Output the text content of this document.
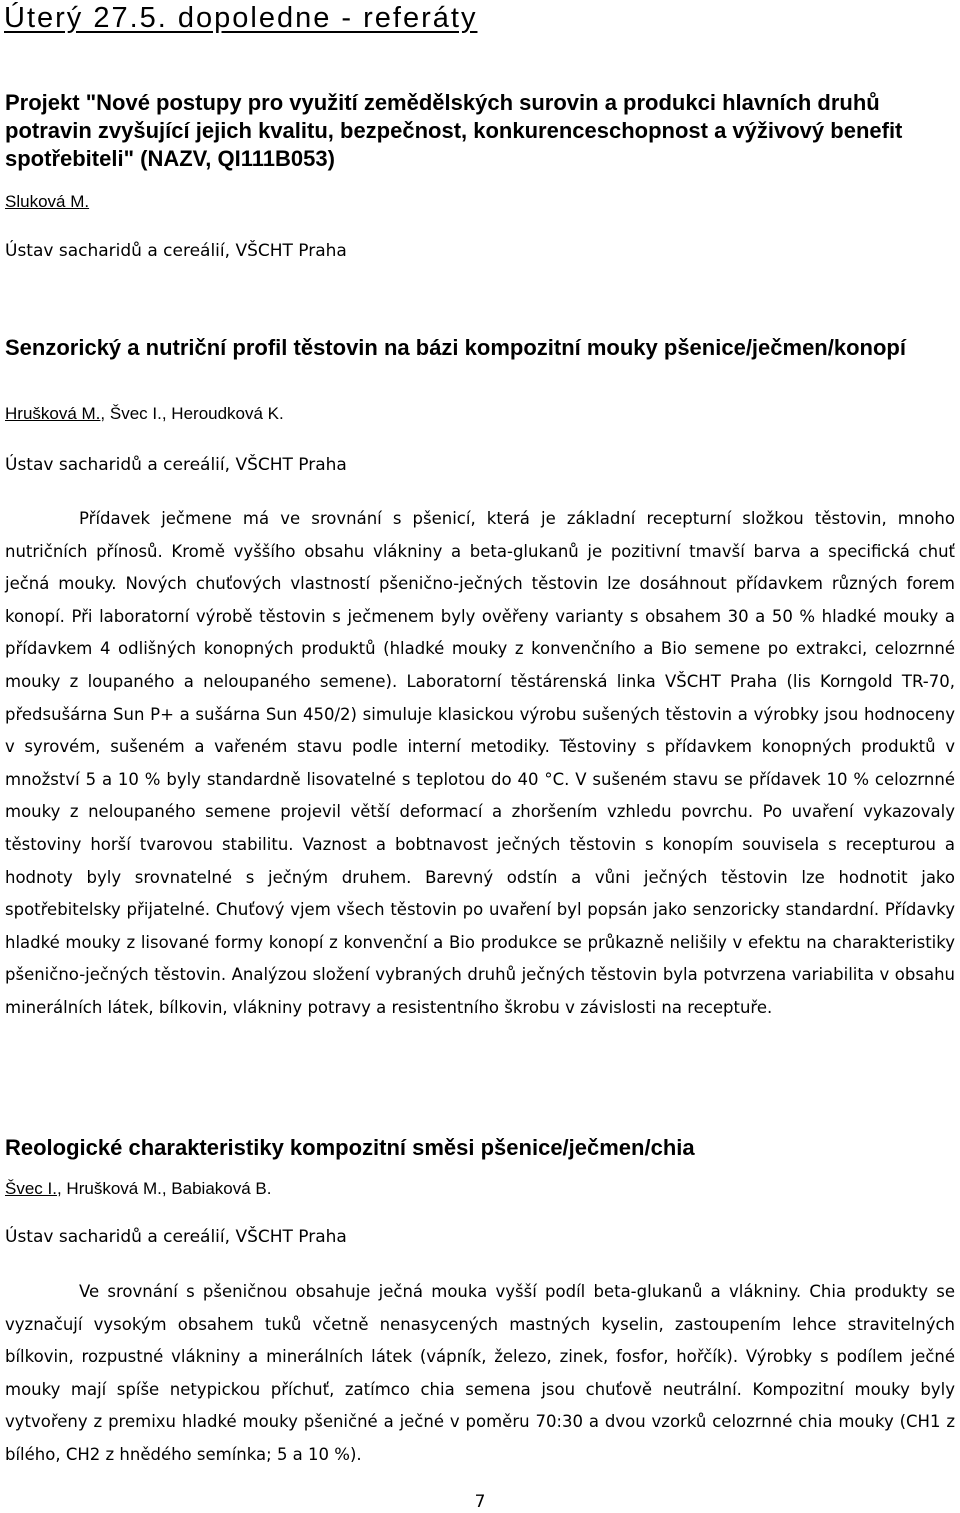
Úterý 27.5. dopoledne - referáty
Projekt "Nové postupy pro využití zemědělských surovin a produkci hlavních druhů potravin zvyšující jejich kvalitu, bezpečnost, konkurenceschopnost a výživový benefit spotřebiteli" (NAZV, QI111B053)
Sluková M.
Ústav sacharidů a cereálií, VŠCHT Praha
Senzorický a nutriční profil těstovin na bázi kompozitní mouky pšenice/ječmen/konopí
Hrušková M., Švec I., Heroudková K.
Ústav sacharidů a cereálií, VŠCHT Praha

Přídavek ječmene má ve srovnání s pšenicí, která je základní recepturní složkou těstovin, mnoho nutričních přínosů. Kromě vyššího obsahu vlákniny a beta-glukanů je pozitivní tmavší barva a specifická chuť ječná mouky. Nových chuťových vlastností pšenično-ječných těstovin lze dosáhnout přídavkem různých forem konopí. Při laboratorní výrobě těstovin s ječmenem byly ověřeny varianty s obsahem 30 a 50 % hladké mouky a přídavkem 4 odlišných konopných produktů (hladké mouky z konvenčního a Bio semene po extrakci, celozrnné mouky z loupaného a neloupaného semene). Laboratorní těstárenská linka VŠCHT Praha (lis Korngold TR-70, předsušárna Sun P+ a sušárna Sun 450/2) simuluje klasickou výrobu sušených těstovin a výrobky jsou hodnoceny v syrovém, sušeném a vařeném stavu podle interní metodiky. Těstoviny s přídavkem konopných produktů v množství 5 a 10 % byly standardně lisovatelné s teplotou do 40 °C. V sušeném stavu se přídavek 10 % celozrnné mouky z neloupaného semene projevil větší deformací a zhoršením vzhledu povrchu. Po uvaření vykazovaly těstoviny horší tvarovou stabilitu. Vaznost a bobtnavost ječných těstovin s konopím souvisela s recepturou a hodnoty byly srovnatelné s ječným druhem. Barevný odstín a vůni ječných těstovin lze hodnotit jako spotřebitelsky přijatelné. Chuťový vjem všech těstovin po uvaření byl popsán jako senzoricky standardní. Přídavky hladké mouky z lisované formy konopí z konvenční a Bio produkce se průkazně nelišily v efektu na charakteristiky pšenično-ječných těstovin. Analýzou složení vybraných druhů ječných těstovin byla potvrzena variabilita v obsahu minerálních látek, bílkovin, vlákniny potravy a resistentního škrobu v závislosti na receptuře.

Reologické charakteristiky kompozitní směsi pšenice/ječmen/chia
Švec I., Hrušková M., Babiaková B.
Ústav sacharidů a cereálií, VŠCHT Praha

Ve srovnání s pšeničnou obsahuje ječná mouka vyšší podíl beta-glukanů a vlákniny. Chia produkty se vyznačují vysokým obsahem tuků včetně nenasycených mastných kyselin, zastoupením lehce stravitelných bílkovin, rozpustné vlákniny a minerálních látek (vápník, železo, zinek, fosfor, hořčík). Výrobky s podílem ječné mouky mají spíše netypickou příchuť, zatímco chia semena jsou chuťově neutrální. Kompozitní mouky byly vytvořeny z premixu hladké mouky pšeničné a ječné v poměru 70:30 a dvou vzorků celozrnné chia mouky (CH1 z bílého, CH2 z hnědého semínka; 5 a 10 %).

7
